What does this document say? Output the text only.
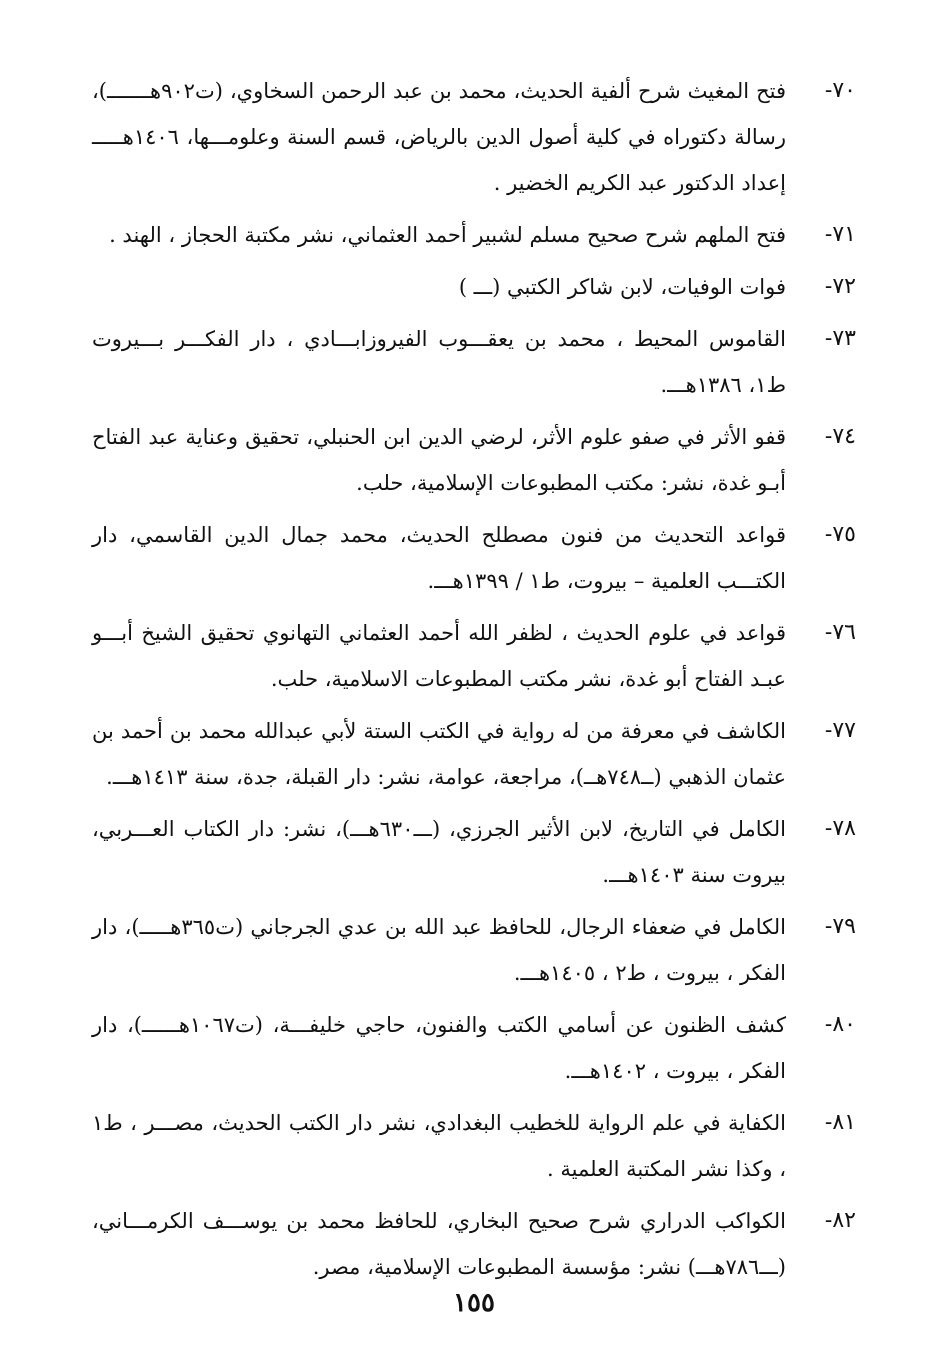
٧٠-
فتح المغيث شرح ألفية الحديث، محمد بن عبد الرحمن السخاوي، (ت٩٠٢هـــــــ)، رسالة دكتوراه في كلية أصول الدين بالرياض، قسم السنة وعلومـــها، ١٤٠٦هـــــ إعداد الدكتور عبد الكريم الخضير .
٧١-
فتح الملهم شرح صحيح مسلم لشبير أحمد العثماني، نشر مكتبة الحجاز ، الهند .
٧٢-
فوات الوفيات، لابن شاكر الكتبي (ـــ )
٧٣-
القاموس المحيط ، محمد بن يعقـــوب الفيروزابـــادي ، دار الفكـــر بـــيروت ط١، ١٣٨٦هـــ.
٧٤-
قفو الأثر في صفو علوم الأثر، لرضي الدين ابن الحنبلي، تحقيق وعناية عبد الفتاح أبـو غدة، نشر: مكتب المطبوعات الإسلامية، حلب.
٧٥-
قواعد التحديث من فنون مصطلح الحديث، محمد جمال الدين القاسمي، دار الكتـــب العلمية – بيروت، ط١ / ١٣٩٩هـــ.
٧٦-
قواعد في علوم الحديث ، لظفر الله أحمد العثماني التهانوي تحقيق الشيخ أبـــو عبـد الفتاح أبو غدة، نشر مكتب المطبوعات الاسلامية، حلب.
٧٧-
الكاشف في معرفة من له رواية في الكتب الستة لأبي عبدالله محمد بن أحمد بن عثمان الذهبي (ــ٧٤٨هــ)، مراجعة، عوامة، نشر: دار القبلة، جدة، سنة ١٤١٣هـــ.
٧٨-
الكامل في التاريخ، لابن الأثير الجرزي، (ـــ٦٣٠هـــ)، نشر: دار الكتاب العـــربي، بيروت سنة ١٤٠٣هـــ.
٧٩-
الكامل في ضعفاء الرجال، للحافظ عبد الله بن عدي الجرجاني (ت٣٦٥هـــــ)، دار الفكر ، بيروت ، ط٢ ، ١٤٠٥هـــ.
٨٠-
كشف الظنون عن أسامي الكتب والفنون، حاجي خليفـــة، (ت١٠٦٧هــــــ)، دار الفكر ، بيروت ، ١٤٠٢هـــ.
٨١-
الكفاية في علم الرواية للخطيب البغدادي، نشر دار الكتب الحديث، مصـــر ، ط١ ، وكذا نشر المكتبة العلمية .
٨٢-
الكواكب الدراري شرح صحيح البخاري، للحافظ محمد بن يوســـف الكرمـــاني، (ـــ٧٨٦هـــ) نشر: مؤسسة المطبوعات الإسلامية، مصر.
١٥٥
